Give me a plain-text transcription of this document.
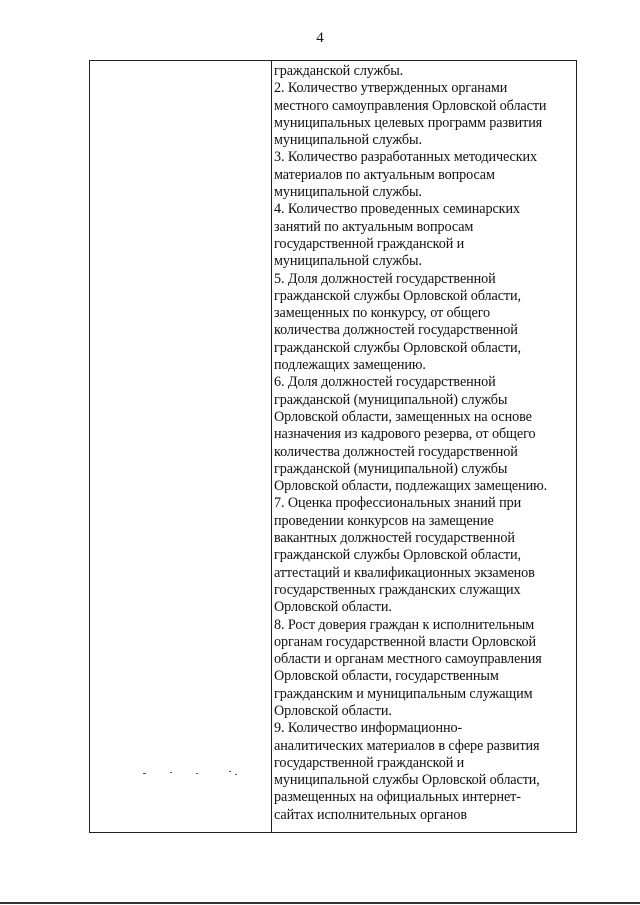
4
гражданской службы.
2. Количество утвержденных органами
местного самоуправления Орловской области
муниципальных целевых программ развития
муниципальной службы.
3. Количество разработанных методических
материалов по актуальным вопросам
муниципальной службы.
4. Количество проведенных семинарских
занятий по актуальным вопросам
государственной гражданской и
муниципальной службы.
5. Доля должностей государственной
гражданской службы Орловской области,
замещенных по конкурсу, от общего
количества должностей государственной
гражданской службы Орловской области,
подлежащих замещению.
6. Доля должностей государственной
гражданской (муниципальной) службы
Орловской области, замещенных на основе
назначения из кадрового резерва, от общего
количества должностей государственной
гражданской (муниципальной) службы
Орловской области, подлежащих замещению.
7. Оценка профессиональных знаний при
проведении конкурсов на замещение
вакантных должностей государственной
гражданской службы Орловской области,
аттестаций и квалификационных экзаменов
государственных гражданских служащих
Орловской области.
8. Рост доверия граждан к исполнительным
органам государственной власти Орловской
области и органам местного самоуправления
Орловской области, государственным
гражданским и муниципальным служащим
Орловской области.
9. Количество информационно-
аналитических материалов в сфере развития
государственной гражданской и
муниципальной службы Орловской области,
размещенных на официальных интернет-
сайтах исполнительных органов
